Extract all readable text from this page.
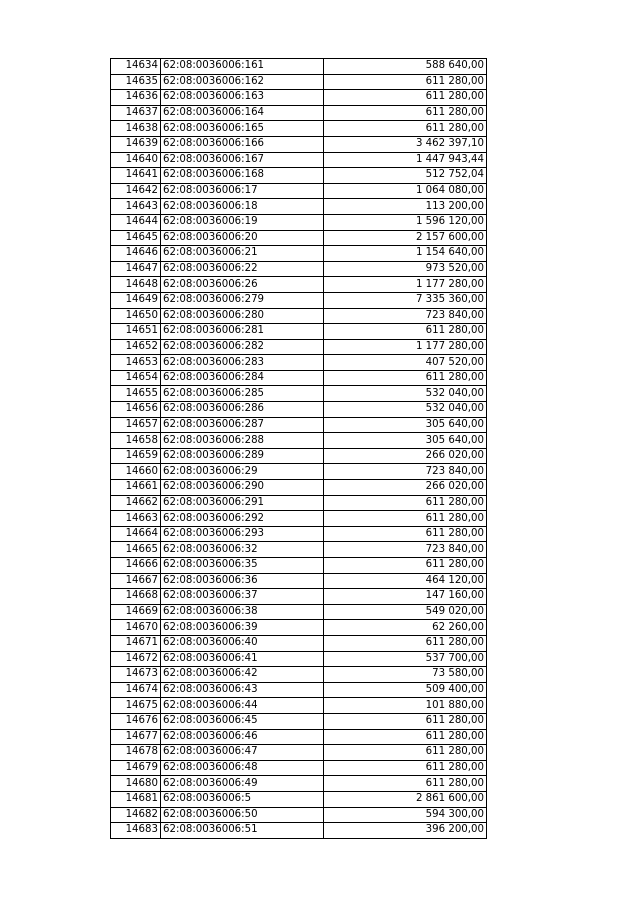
14634	62:08:0036006:161	588 640,00
14635	62:08:0036006:162	611 280,00
14636	62:08:0036006:163	611 280,00
14637	62:08:0036006:164	611 280,00
14638	62:08:0036006:165	611 280,00
14639	62:08:0036006:166	3 462 397,10
14640	62:08:0036006:167	1 447 943,44
14641	62:08:0036006:168	512 752,04
14642	62:08:0036006:17	1 064 080,00
14643	62:08:0036006:18	113 200,00
14644	62:08:0036006:19	1 596 120,00
14645	62:08:0036006:20	2 157 600,00
14646	62:08:0036006:21	1 154 640,00
14647	62:08:0036006:22	973 520,00
14648	62:08:0036006:26	1 177 280,00
14649	62:08:0036006:279	7 335 360,00
14650	62:08:0036006:280	723 840,00
14651	62:08:0036006:281	611 280,00
14652	62:08:0036006:282	1 177 280,00
14653	62:08:0036006:283	407 520,00
14654	62:08:0036006:284	611 280,00
14655	62:08:0036006:285	532 040,00
14656	62:08:0036006:286	532 040,00
14657	62:08:0036006:287	305 640,00
14658	62:08:0036006:288	305 640,00
14659	62:08:0036006:289	266 020,00
14660	62:08:0036006:29	723 840,00
14661	62:08:0036006:290	266 020,00
14662	62:08:0036006:291	611 280,00
14663	62:08:0036006:292	611 280,00
14664	62:08:0036006:293	611 280,00
14665	62:08:0036006:32	723 840,00
14666	62:08:0036006:35	611 280,00
14667	62:08:0036006:36	464 120,00
14668	62:08:0036006:37	147 160,00
14669	62:08:0036006:38	549 020,00
14670	62:08:0036006:39	62 260,00
14671	62:08:0036006:40	611 280,00
14672	62:08:0036006:41	537 700,00
14673	62:08:0036006:42	73 580,00
14674	62:08:0036006:43	509 400,00
14675	62:08:0036006:44	101 880,00
14676	62:08:0036006:45	611 280,00
14677	62:08:0036006:46	611 280,00
14678	62:08:0036006:47	611 280,00
14679	62:08:0036006:48	611 280,00
14680	62:08:0036006:49	611 280,00
14681	62:08:0036006:5	2 861 600,00
14682	62:08:0036006:50	594 300,00
14683	62:08:0036006:51	396 200,00
